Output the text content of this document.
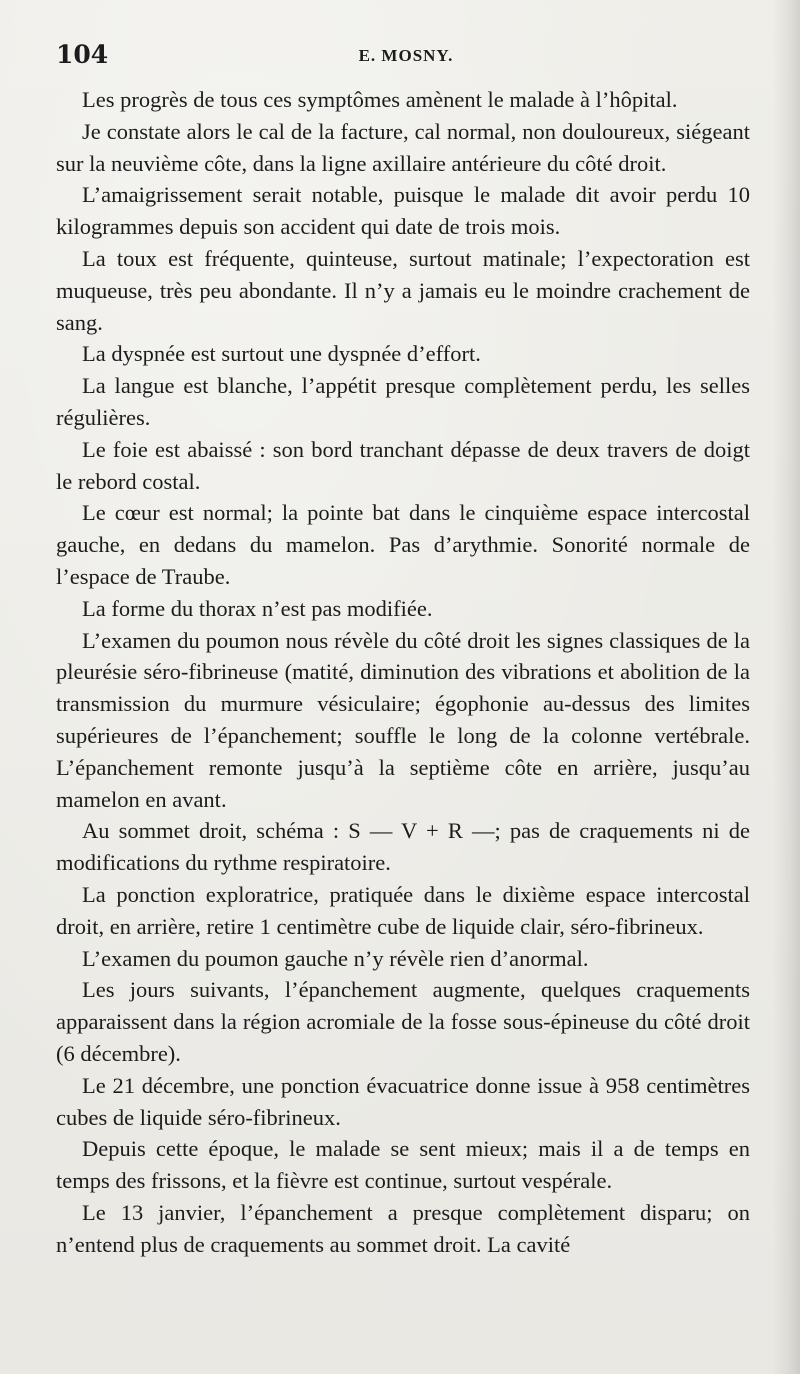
104	E. MOSNY.

Les progrès de tous ces symptômes amènent le malade à l’hôpital.

Je constate alors le cal de la facture, cal normal, non douloureux, siégeant sur la neuvième côte, dans la ligne axillaire antérieure du côté droit.

L’amaigrissement serait notable, puisque le malade dit avoir perdu 10 kilogrammes depuis son accident qui date de trois mois.

La toux est fréquente, quinteuse, surtout matinale; l’expectoration est muqueuse, très peu abondante. Il n’y a jamais eu le moindre crachement de sang.

La dyspnée est surtout une dyspnée d’effort.

La langue est blanche, l’appétit presque complètement perdu, les selles régulières.

Le foie est abaissé : son bord tranchant dépasse de deux travers de doigt le rebord costal.

Le cœur est normal; la pointe bat dans le cinquième espace intercostal gauche, en dedans du mamelon. Pas d’arythmie. Sonorité normale de l’espace de Traube.

La forme du thorax n’est pas modifiée.

L’examen du poumon nous révèle du côté droit les signes classiques de la pleurésie séro-fibrineuse (matité, diminution des vibrations et abolition de la transmission du murmure vésiculaire; égophonie au-dessus des limites supérieures de l’épanchement; souffle le long de la colonne vertébrale. L’épanchement remonte jusqu’à la septième côte en arrière, jusqu’au mamelon en avant.

Au sommet droit, schéma : S — V + R —; pas de craquements ni de modifications du rythme respiratoire.

La ponction exploratrice, pratiquée dans le dixième espace intercostal droit, en arrière, retire 1 centimètre cube de liquide clair, séro-fibrineux.

L’examen du poumon gauche n’y révèle rien d’anormal.

Les jours suivants, l’épanchement augmente, quelques craquements apparaissent dans la région acromiale de la fosse sous-épineuse du côté droit (6 décembre).

Le 21 décembre, une ponction évacuatrice donne issue à 958 centimètres cubes de liquide séro-fibrineux.

Depuis cette époque, le malade se sent mieux; mais il a de temps en temps des frissons, et la fièvre est continue, surtout vespérale.

Le 13 janvier, l’épanchement a presque complètement disparu; on n’entend plus de craquements au sommet droit. La cavité
